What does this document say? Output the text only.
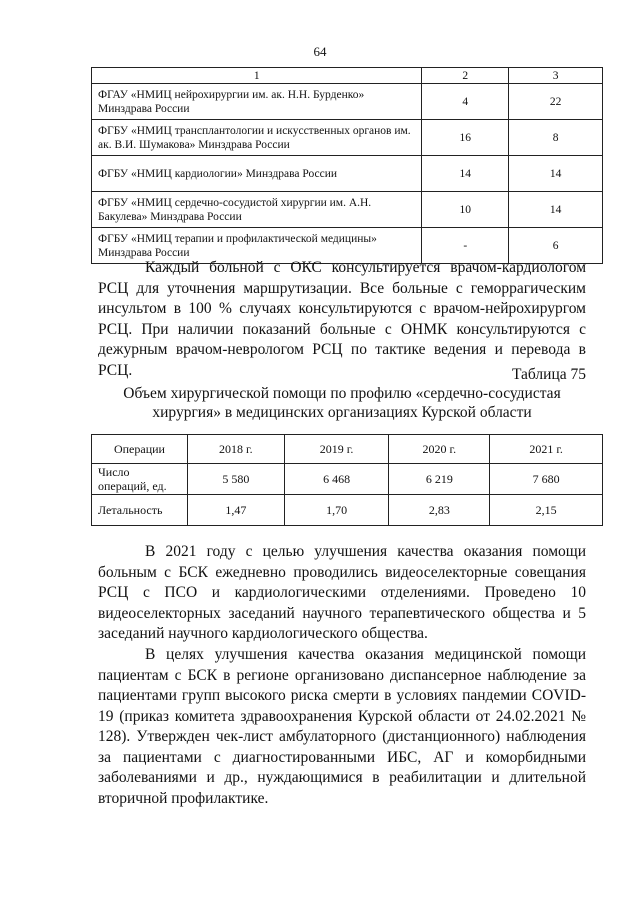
64
1	2	3
ФГАУ «НМИЦ нейрохирургии им. ак. Н.Н. Бурденко» Минздрава России	4	22
ФГБУ «НМИЦ трансплантологии и искусственных органов им. ак. В.И. Шумакова» Минздрава России	16	8
ФГБУ «НМИЦ кардиологии» Минздрава России	14	14
ФГБУ «НМИЦ сердечно-сосудистой хирургии им. А.Н. Бакулева» Минздрава России	10	14
ФГБУ «НМИЦ терапии и профилактической медицины» Минздрава России	-	6

Каждый больной с ОКС консультируется врачом-кардиологом РСЦ для уточнения маршрутизации. Все больные с геморрагическим инсультом в 100 % случаях консультируются с врачом-нейрохирургом РСЦ. При наличии показаний больные с ОНМК консультируются с дежурным врачом-неврологом РСЦ по тактике ведения и перевода в РСЦ.	Таблица 75
Объем хирургической помощи по профилю «сердечно-сосудистая хирургия» в медицинских организациях Курской области
Операции	2018 г.	2019 г.	2020 г.	2021 г.
Число операций, ед.	5 580	6 468	6 219	7 680
Летальность	1,47	1,70	2,83	2,15

В 2021 году с целью улучшения качества оказания помощи больным с БСК ежедневно проводились видеоселекторные совещания РСЦ с ПСО и кардиологическими отделениями. Проведено 10 видеоселекторных заседаний научного терапевтического общества и 5 заседаний научного кардиологического общества.

В целях улучшения качества оказания медицинской помощи пациентам с БСК в регионе организовано диспансерное наблюдение за пациентами групп высокого риска смерти в условиях пандемии COVID-19 (приказ комитета здравоохранения Курской области от 24.02.2021 № 128). Утвержден чек-лист амбулаторного (дистанционного) наблюдения за пациентами с диагностированными ИБС, АГ и коморбидными заболеваниями и др., нуждающимися в реабилитации и длительной вторичной профилактике.
